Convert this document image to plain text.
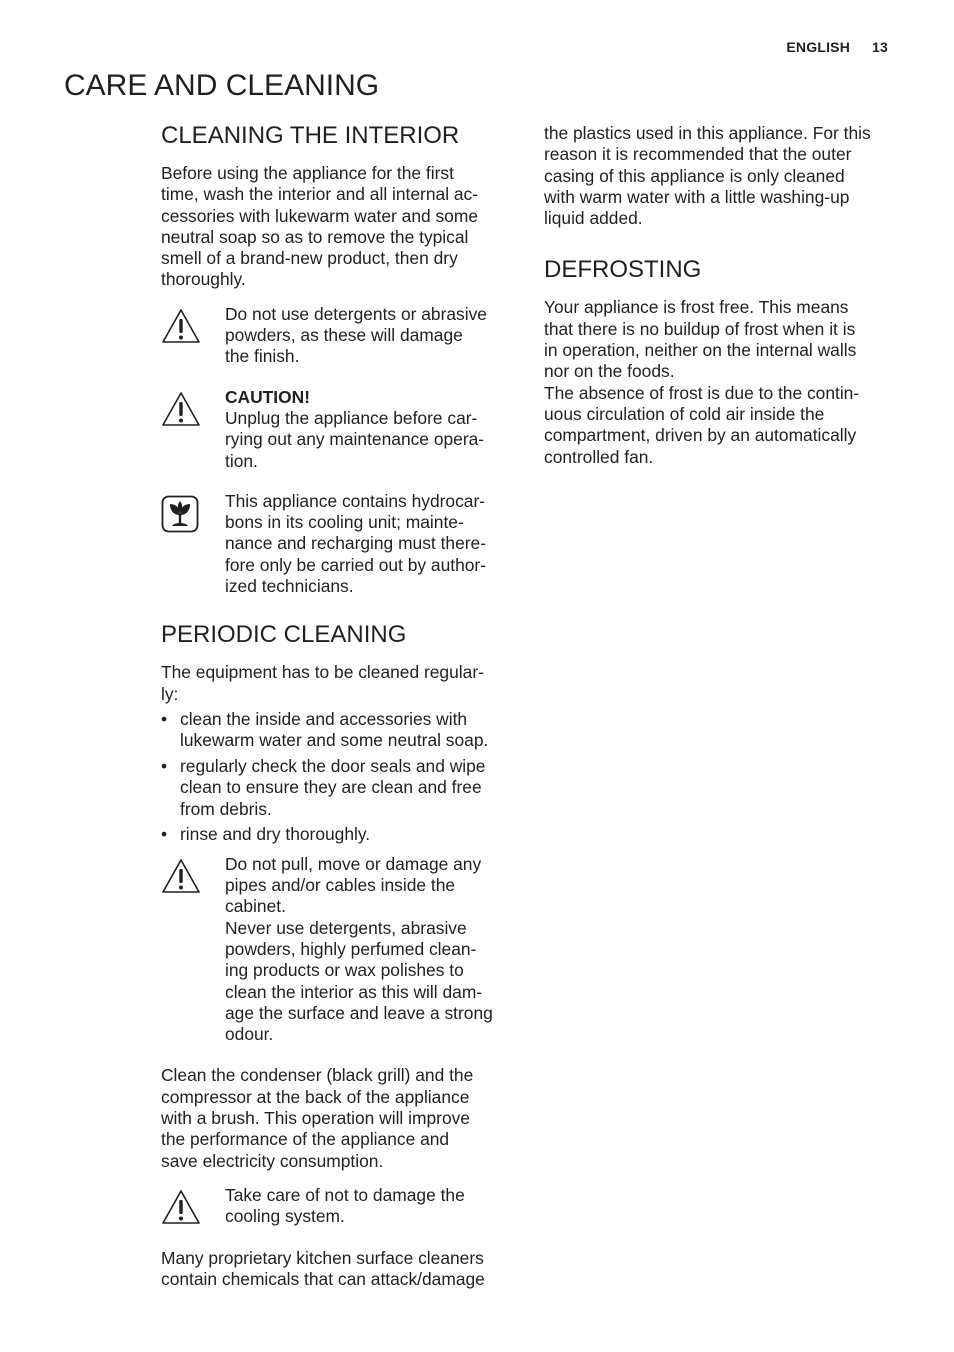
ENGLISH 13
CARE AND CLEANING
CLEANING THE INTERIOR

Before using the appliance for the first
time, wash the interior and all internal ac-
cessories with lukewarm water and some
neutral soap so as to remove the typical
smell of a brand-new product, then dry
thoroughly.

Do not use detergents or abrasive
powders, as these will damage
the finish.

CAUTION!

Unplug the appliance before car-
rying out any maintenance opera-
tion.

This appliance contains hydrocar-
bons in its cooling unit; mainte-
nance and recharging must there-
fore only be carried out by author-
ized technicians.

PERIODIC CLEANING

The equipment has to be cleaned regular-
ly:

• clean the inside and accessories with
lukewarm water and some neutral soap.
• regularly check the door seals and wipe
clean to ensure they are clean and free
from debris.
• rinse and dry thoroughly.

Do not pull, move or damage any
pipes and/or cables inside the
cabinet.
Never use detergents, abrasive
powders, highly perfumed clean-
ing products or wax polishes to
clean the interior as this will dam-
age the surface and leave a strong
odour.

Clean the condenser (black grill) and the
compressor at the back of the appliance
with a brush. This operation will improve
the performance of the appliance and
save electricity consumption.

Take care of not to damage the
cooling system.

Many proprietary kitchen surface cleaners
contain chemicals that can attack/damage

the plastics used in this appliance. For this
reason it is recommended that the outer
casing of this appliance is only cleaned
with warm water with a little washing-up
liquid added.

DEFROSTING

Your appliance is frost free. This means
that there is no buildup of frost when it is
in operation, neither on the internal walls
nor on the foods.
The absence of frost is due to the contin-
uous circulation of cold air inside the
compartment, driven by an automatically
controlled fan.
